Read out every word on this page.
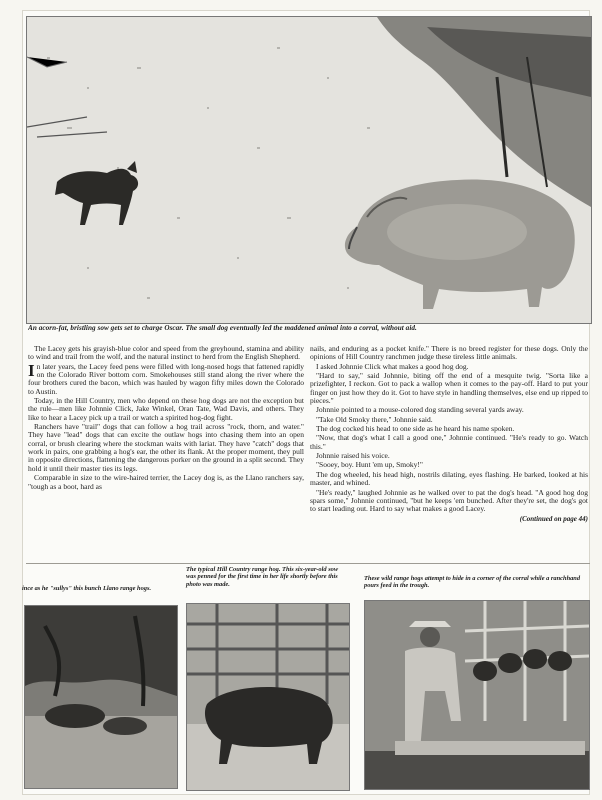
An acorn-fat, bristling sow gets set to charge Oscar. The small dog eventually led the maddened animal into a corral, without aid.

The Lacey gets his grayish-blue color and speed from the greyhound, stamina and ability to wind and trail from the wolf, and the natural instinct to herd from the English Shepherd.

In later years, the Lacey feed pens were filled with long-nosed hogs that fattened rapidly on the Colorado River bottom corn. Smokehouses still stand along the river where the four brothers cured the bacon, which was hauled by wagon fifty miles down the Colorado to Austin.

Today, in the Hill Country, men who depend on these hog dogs are not the exception but the rule—men like Johnnie Click, Jake Winkel, Oran Tate, Wad Davis, and others. They like to hear a Lacey pick up a trail or watch a spirited hog-dog fight.

Ranchers have "trail" dogs that can follow a hog trail across "rock, thorn, and water." They have "lead" dogs that can excite the outlaw hogs into chasing them into an open corral, or brush clearing where the stockman waits with lariat. They have "catch" dogs that work in pairs, one grabbing a hog's ear, the other its flank. At the proper moment, they pull in opposite directions, flattening the dangerous porker on the ground in a split second. They hold it until their master ties its legs.

Comparable in size to the wire-haired terrier, the Lacey dog is, as the Llano ranchers say, "tough as a boot, hard as

nails, and enduring as a pocket knife." There is no breed register for these dogs. Only the opinions of Hill Country ranchmen judge these tireless little animals.

I asked Johnnie Click what makes a good hog dog.

"Hard to say," said Johnnie, biting off the end of a mesquite twig. "Sorta like a prizefighter, I reckon. Got to pack a wallop when it comes to the pay-off. Hard to put your finger on just how they do it. Got to have style in handling themselves, else end up ripped to pieces."

Johnnie pointed to a mouse-colored dog standing several yards away.

"Take Old Smoky there," Johnnie said.

The dog cocked his head to one side as he heard his name spoken.

"Now, that dog's what I call a good one," Johnnie continued. "He's ready to go. Watch this."

Johnnie raised his voice.

"Sooey, boy. Hunt 'em up, Smoky!"

The dog wheeled, his head high, nostrils dilating, eyes flashing. He barked, looked at his master, and whined.

"He's ready," laughed Johnnie as he walked over to pat the dog's head. "A good hog dog spars some," Johnnie continued, "but he keeps 'em bunched. After they're set, the dog's got to start leading out. Hard to say what makes a good Lacey.

(Continued on page 44)
ince as he "sullys" this bunch Llano range hogs.
The typical Hill Country range hog. This six-year-old sow was penned for the first time in her life shortly before this photo was made.
These wild range hogs attempt to hide in a corner of the corral while a ranchhand pours feed in the trough.
